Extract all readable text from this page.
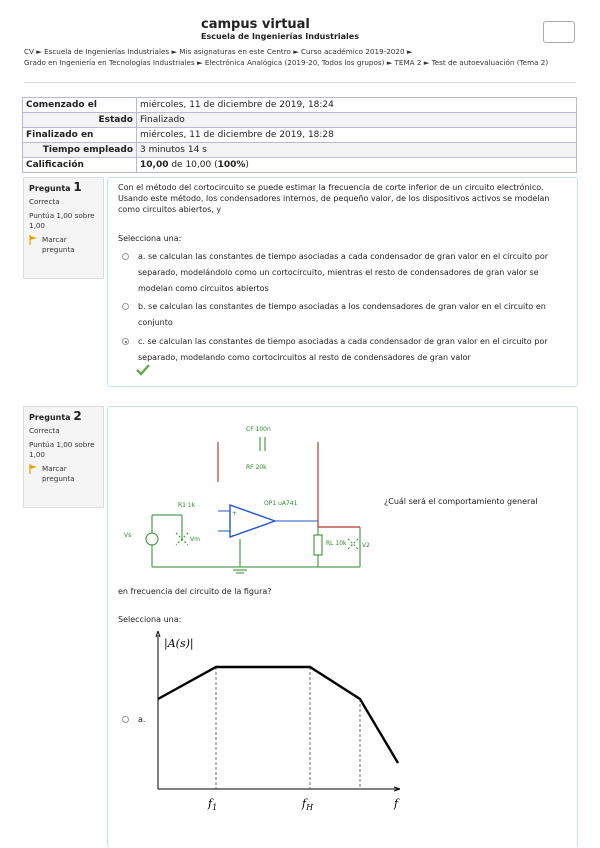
campus virtual
Escuela de Ingenierías Industriales
CV ► Escuela de Ingenierías Industriales ► Mis asignaturas en este Centro ► Curso académico 2019-2020 ► Grado en Ingeniería en Tecnologías Industriales ► Electrónica Analógica (2019-20, Todos los grupos) ► TEMA 2 ► Test de autoevaluación (Tema 2)
Comenzado el	miércoles, 11 de diciembre de 2019, 18:24
Estado	Finalizado
Finalizado en	miércoles, 11 de diciembre de 2019, 18:28
Tiempo empleado	3 minutos 14 s
Calificación	10,00 de 10,00 (100%)
Pregunta 1
Correcta
Puntúa 1,00 sobre 1,00
Marcar pregunta
Con el método del cortocircuito se puede estimar la frecuencia de corte inferior de un circuito electrónico. Usando este método, los condensadores internos, de pequeño valor, de los dispositivos activos se modelan como circuitos abiertos, y
Selecciona una:
a. se calculan las constantes de tiempo asociadas a cada condensador de gran valor en el circuito por separado, modelándolo como un cortocircuito, mientras el resto de condensadores de gran valor se modelan como circuitos abiertos
b. se calculan las constantes de tiempo asociadas a los condensadores de gran valor en el circuito en conjunto
c. se calculan las constantes de tiempo asociadas a cada condensador de gran valor en el circuito por separado, modelando como cortocircuitos al resto de condensadores de gran valor
Pregunta 2
Correcta
Puntúa 1,00 sobre 1,00
Marcar pregunta
CF 100n
RF 20k
R1 1k	OP1 uA741
Vs
Vm
RL 10k	V2
+
-
¿Cuál será el comportamiento general
en frecuencia del circuito de la figura?
Selecciona una:
a.
|A(s)|
$f_1$	$f_H$	f
